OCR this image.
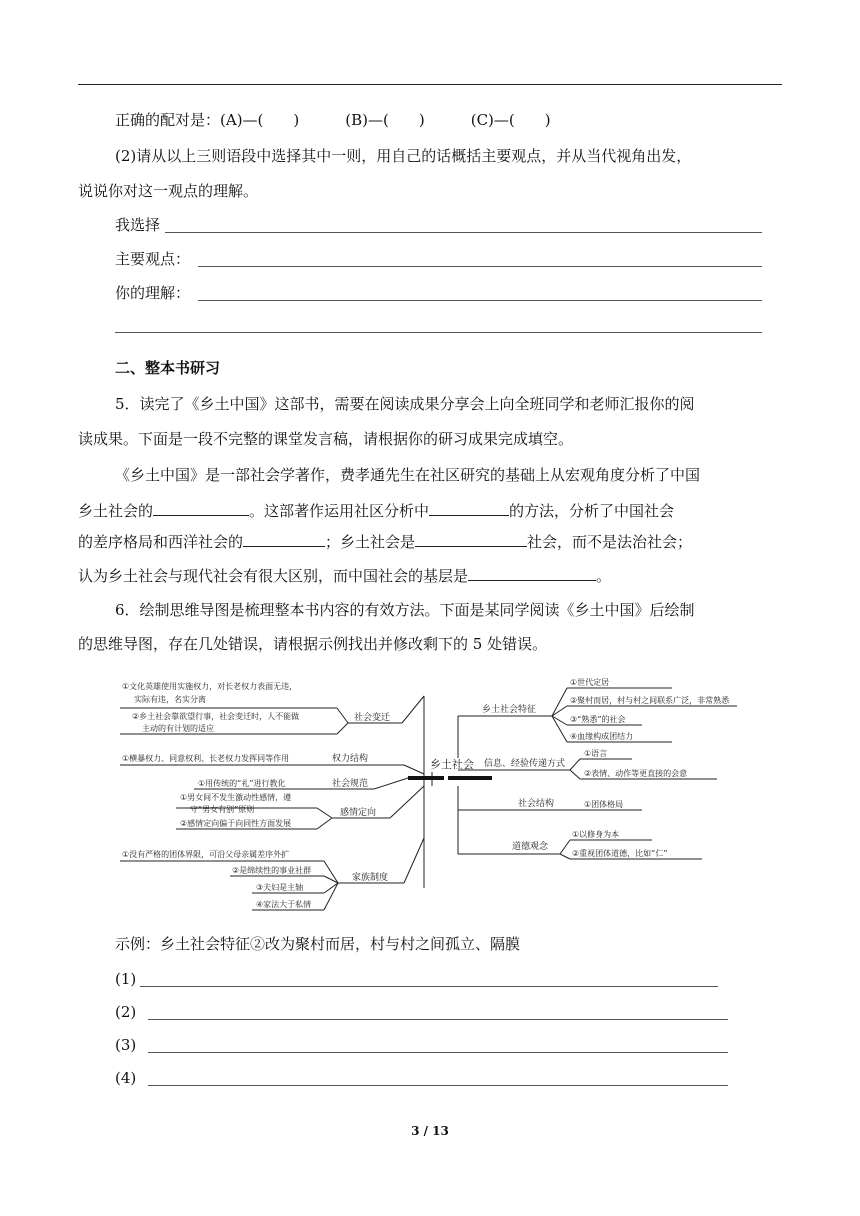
正确的配对是：(A)—( )	(B)—( )	(C)—( )
(2)请从以上三则语段中选择其中一则，用自己的话概括主要观点，并从当代视角出发，
说说你对这一观点的理解。
我选择
主要观点：
你的理解：
二、整本书研习
5．读完了《乡土中国》这部书，需要在阅读成果分享会上向全班同学和老师汇报你的阅
读成果。下面是一段不完整的课堂发言稿，请根据你的研习成果完成填空。
《乡土中国》是一部社会学著作，费孝通先生在社区研究的基础上从宏观角度分析了中国
乡土社会的	。这部著作运用社区分析中	的方法，分析了中国社会
的差序格局和西洋社会的	；乡土社会是	社会，而不是法治社会；
认为乡土社会与现代社会有很大区别，而中国社会的基层是	。
6．绘制思维导图是梳理整本书内容的有效方法。下面是某同学阅读《乡土中国》后绘制
的思维导图，存在几处错误，请根据示例找出并修改剩下的 5 处错误。
乡土社会
社会变迁
①文化英雄使用实施权力，对长老权力表面无违，
实际有违，名实分离
②乡土社会靠欲望行事，社会变迁时，人不能做
主动的有计划的适应
权力结构
①横暴权力、同意权利、长老权力发挥同等作用
社会规范
①用传统的“礼”进行教化
感情定向
①男女间不发生激动性感情，遵
守“男女有别”原则
②感情定向偏于向同性方面发展
家族制度
①没有严格的团体界限，可沿父母亲属差序外扩
②是绵续性的事业社群
③夫妇是主轴
④家法大于私情
乡土社会特征
①世代定居
②聚村而居，村与村之间联系广泛，非常熟悉
③“熟悉”的社会
④血缘构成团结力
信息、经验传递方式
①语言
②表情、动作等更直接的会意
社会结构	①团体格局
道德观念
①以修身为本
②重视团体道德，比如“仁”
示例：乡土社会特征②改为聚村而居，村与村之间孤立、隔膜
(1)
(2)
(3)
(4)
3 / 13
